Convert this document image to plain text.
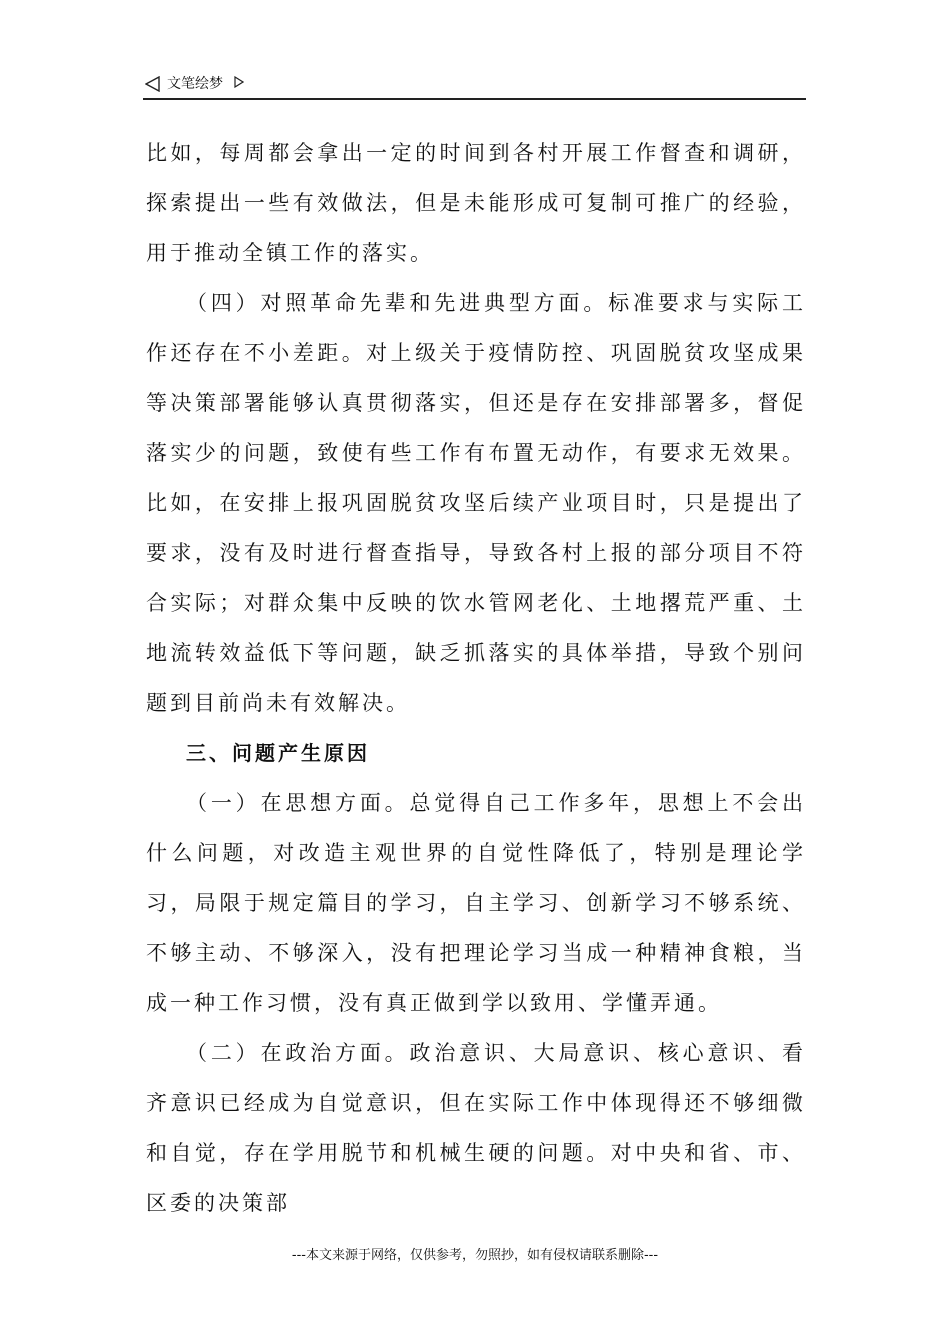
文笔绘梦

比如，每周都会拿出一定的时间到各村开展工作督查和调研，探索提出一些有效做法，但是未能形成可复制可推广的经验，用于推动全镇工作的落实。

（四）对照革命先辈和先进典型方面。标准要求与实际工作还存在不小差距。对上级关于疫情防控、巩固脱贫攻坚成果等决策部署能够认真贯彻落实，但还是存在安排部署多，督促落实少的问题，致使有些工作有布置无动作，有要求无效果。比如，在安排上报巩固脱贫攻坚后续产业项目时，只是提出了要求，没有及时进行督查指导，导致各村上报的部分项目不符合实际；对群众集中反映的饮水管网老化、土地撂荒严重、土地流转效益低下等问题，缺乏抓落实的具体举措，导致个别问题到目前尚未有效解决。

三、问题产生原因

（一）在思想方面。总觉得自己工作多年，思想上不会出什么问题，对改造主观世界的自觉性降低了，特别是理论学习，局限于规定篇目的学习，自主学习、创新学习不够系统、不够主动、不够深入，没有把理论学习当成一种精神食粮，当成一种工作习惯，没有真正做到学以致用、学懂弄通。

（二）在政治方面。政治意识、大局意识、核心意识、看齐意识已经成为自觉意识，但在实际工作中体现得还不够细微和自觉，存在学用脱节和机械生硬的问题。对中央和省、市、区委的决策部

---本文来源于网络，仅供参考，勿照抄，如有侵权请联系删除---
